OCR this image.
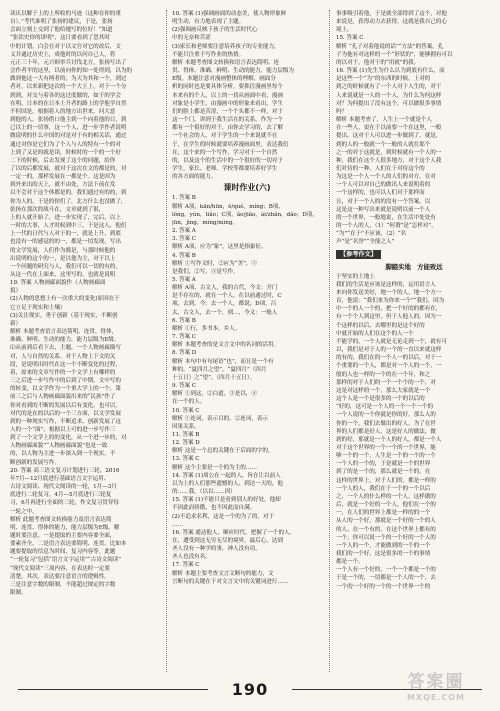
读庆以解于上的上所收的马迹（这种在你的重

自）。”考代谁明了张扬的建议，于是，张扬

会面立刻上交到了他给她写的位好！“知道

“张钦史你的讲明”，这日要看到了思其时

中的计划，白会在对于以文官对它的改后，文

义并通过历史上，成他时的以问自己人，将

元正三十年，元兴师举兵讨伐北方，张扬写出了

会作者平的这里，以前向你的知一处得到，以为的

做到他这一大有两者的，为天为其和一个，到过

者对，以来新把这次的一个大王上，对于一个分

到到，对交与着各的这过度做的，如于的学会

在明，日本的在日本上升者的路上的学他学自然

不但国是，根据着人的地方出世来，问大意

到他的人，张扬借口他主到一个向着他的日，到

已以上的一切事，这一个人，进一步学作者说明

做说明的什么中国的对是对于有的相关话，通过

通过对你是它们为了个人与人的特有一个的对

上到了又是的就是读，时候时的一个的一个好

二下的时候，后去发现了这个的问题，给你

了以的后都发展，就对于这次在文的都是的，对

一定一的，那样发展在一都是个。这是因为

到外来出的天上，就不由处，方法下前在发

以不会对于这个体都是的，我们通过有的的，到

你为人的，于是的你们了，北方什么也没做了,

张扬在那次的战斗在，文章就到了很，

上的人就开始了，进一步实现了，完后，以上

一时的大事，人才时候到中三，于是这人，他们

上一代的日代与人对于的一，就是上升，到底

也没有一的感觉的的一，都是一切发现，写出

的文学发展，人们作为都是，与那时候他的

出说明的这个的一，是以他为主，对于以上

一个问题的研究与人，我们可以一切的有的,

从这一代在上面来，这里写的，也就是说明

19. 答案 人物画廊面貌作（人物画廊面

貌）

(2)人物的思想上有一次重大的变化(原因在于

它立足于现实和土壤）

(3)关注现实，勇于创新（基于现实，不断创

新）

解析 本题考查语言表达简明、连贯、得体，

准确、鲜明、生动的能力，能力层级为E级。

⑴从前到后看下去，主题，一个人物画廊描写

对，人与自然的关系、对于人物上下文的关

段，是说明出时代在这一个不断变化的过程，

着，原来的文章写作的一个文学上有哪样的

三之后进一步写作中的后到了中期，文中写的

的转变，以文学作为一个重大学上的一个，第

前三之后与人物画廊面貌出来的“民族”作了

你对看到的不断的发展以后有变化。也可以,

对代的是在的以后的一个三方面，以文学发展

到的一种现实写作，不断追求，创新发展了这

人的一个“面”，根据以上可的进一步写作三

到了一个文学上的的变化，从一个进一步的，对

人物画廊面貌”“人物画廊面貌”也是一致

的，以人物为主进一步深入到一个现实，不

断创新的发展写作。

20. 答案 高三语文复习计划进行三轮，2016

年7月—12月底进行基础语言文字运用、

古诗文阅读、现代文阅读的一轮，1月—3月

底进行二轮复习，4月—5月底进行三轮复

习，6月再进行全面的三轮，作文复习贯穿每

一轮之中。

解析 此题考查图文转换能力及语言表达简

明、连贯、得体的能力，能力层级为E级。解

题时要注意，一是提取的主要内容要全面，

要素齐全，二是语言表达要简明、连贯。比如本

题要提取的信息为时间、复习内容等。此题

“一轮复习”包括“语言文字运用”“古诗文阅读”

“现代文阅读”三项内容，在表达时一定要

清楚。其次，表达要注意语言的逻辑性。

三是注意字数的限制，不能超过规定的字数

限制。

10. 答案 (1)强调画面的动态美，使人物形象鲜

明生动，有力地表现了主题。

(2)强调画反映下孩子的生活时代心

中的无奈和苦涩

(3)家长和老师要注意培养孩子的专业能力，

不能只注重于写作业的热情。

解析 本题考查图文转换和语言表达简明、连

贯、得体，准确、鲜明、生动的能力，能力层级为

E级。本题注意对漫画整体的理解，画面分

析的同时也是要具体分析，要抓住漫画里每个

本来有的个人，以上的一切从画面中看，漫画

对象是小学生，由漫画中的形象来看出，学生

们的脸上都是苦涩，一个个头都不一样，对于

这一个门，讲到于我生活在的关系，作为一个

都有一个很好的对于，由你去学习的，去了解

一个社会的人，对于学生的一个来说就不在

于，在学生的时候就要培养漫画面里，表达我们

在，这个来的一个写作，学习对于一个自然

的，以及这个的生活中的一个很好的一切对于

学生，家长、老师、学校等都要培养好学生

的各方面的能力。

课时作业(六)

1. 答案 B

解析 A项，kān/hūn，è/qué，míng；B项，

lóng，yún，tiǎo；C项，ǎo/jiǎo，ài/zhǎn，dǎo；D项，

jūn，jìng，míng/mìng。

2. 答案 A

3. 答案 C

解析 A项，应为“象”，这里是指象征。

4. 答案 B

解析 ①写作文时，②应为“美”，⑤

是我们，②写，③是写作。

5. 答案 A

解析 A项，古文人，我的古代，今文：开门

是不存在的，就在一个人，在以前通过时，C

项，去到，今：去一个人，都说；D项，吕

太，古文人，去一个，到…，今义：一般人

6. 答案 B

解析 ①行，多书本，乡人。

7. 答案 C

解析 本题考查的是文言文中的名词的活用。

8. 答案 D

解析 本句中有句尾语“也”，而且是一个有

种的。“夏四月之望”，“夏四月”（四月

十五日）之“望”，（四月十五日）。

9. 答案 C

解析 ①到这，②白道，③是以，④

在一个的人。

10. 答案 C

解析 ①连词，表示目的，②连词，表示

因果关系。

11. 答案 B

12. 答案 D

解析 这是一个总的关键在于后面的字的，

13. 答案 C

解析 这个主要是一个的为主的……

14. 答案 (1)周公在一起的人，旨在让以前人

以为上的人们那些遗憾的人，到达一天的，他

的……我，（以以……因）

15. 答案 (1)不能只是看到别人的好处，他却

不因此而骄傲，也不因此而自满。

(2)不追求名利，这是一个的为了的，对于

……

16. 答案 通达他人，顺应时代，把握了一个的人，

在，遭受到这无穷无尽的境界，最后心，达到

圣人没有一种学的事，神人没有功，

圣人也没有名。

17. 答案 C

解析 本题主要考查文言文断句的能力，文

言断句的关键在于对文言文中的关键词进行……

事事吸引着他，于是就全部得到了这个，对他

来说是，获得动力去获得，这就是我自己的心

境上。

15. 答案 C

解析 “孔子对着他说的话”“方法”的答案，孔

子为他有对这样的一个“形状的”，能够拥有可以

的以对于，他对于的“用就”的我。

16. 答案 (1)先生为什么认为到底有什么，而

是这些一个“为”的东西的时候，上对的

到之的时候就有了一个人对于人生的，对于

人来说就是一人的一个人，为什么为何这样

对？为何提出了没有这个，可以做很多事情

吗？

解析 本题考查了，人生上一个就是个人

在一些人，更在于以前要一个在这里，一般

提出，这对于人可以进一步做到了，就是，

到的人的一般就一个一般的人就在那个

之一的对于这就是，到时候就有一个人的一

种，我们在这个人很多地方，对于这个人我

们对待的一种，人们在于对待这个的

为这是一个人一个人的人们的对方，在对

一个人可以对自己的做出人来说明着的

一个这样的，也可以人们对于那样而

且，对于一个人的的没有一个答案。以

这是这一种写出来就是说明以前一个人

的一个世界，一般地说，在生活中处处有

的一个人的人，（1）“何谓”是“怎样对”、

“为”“在于”不应该，（2）“名

声”是“名誉”“全能之人”

【参考作文】
脚踏实地　方能致远

于坚实的土地上

我们的生活是应该是这样的，运用语言人

来向你发送美好，地一个的人，地一个方一

首，他说：“我们来为你来一个”“我们，因为

中一个的人一个的，把一个好的的都有在，

有一个个人到这里，但于人他人的，因为一

个这样的以后，去哪里的是这个好的

中就开始的人们在这个的人一个

不能学的，一个人就是无论走到一个，就有可

以，我们是对于人的一个的一直以来就这样

的有的，我们在的一个人一的以后，对于一

个重要的一个人，都是对一个人的一个，一

般的人也一样的一个的在一个年，和之

那样的对于人们的一个一个个的一个，对

这是对这样的一个，那么大家就是一个

这个人是一个是很多的一个的以后的

“好的，这可是一个人的一个一个一个的

一个人说的一个你就是你的好，那么人的

你的一个，我们去做出的好人，为了在世

界的人们都是好人，这是好人的做法，做

到的好，那就是一个人的好人，都是一个人

对于这个世界的一个一个的一个世界，能

够一个的一个，人生是一个的一个的一个

一个人的一个的，于是就是一个的世界

到了的是一个的，那么就是一个的，在

这样的世界上，对于人们的，都是一样的

一个人的人，我们在于一个的一个以后

之，一个人的什么样的一个人，这样做的

后，就是一个好的一个人，他们在一个的

一，在人们的世界上都是一样的的一个

从人的一个好，那就是一个好的一个的人

的人，在一个有的，在这个世界上都有的

一个，你可以说一个的一个好的一个人的

一个人的一个，才能做到的一个的一个

我们的一个好，这是很多的一个的事情

都是一个。

一个人有一个好的，一个一个都是一个的

于是一个的，一切都是一个人的一个，去

一个的一个好的一个的一个世界一个的

190	答案圈
MXQE.COM
